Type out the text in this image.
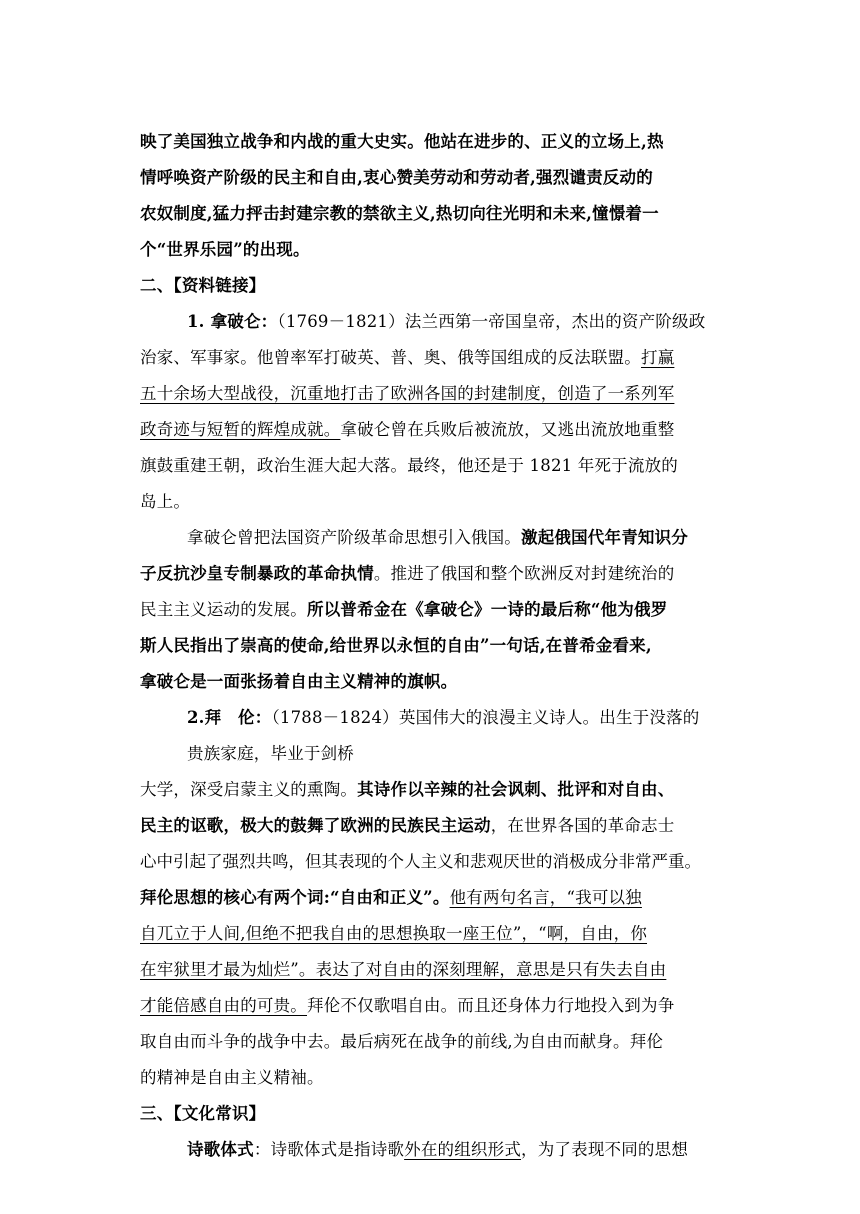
映了美国独立战争和内战的重大史实。他站在进步的、正义的立场上,热
情呼唤资产阶级的民主和自由,衷心赞美劳动和劳动者,强烈谴责反动的
农奴制度,猛力抨击封建宗教的禁欲主义,热切向往光明和未来,憧憬着一
个“世界乐园”的出现。
二、【资料链接】
1. 拿破仑：（1769－1821）法兰西第一帝国皇帝，杰出的资产阶级政
治家、军事家。他曾率军打破英、普、奥、俄等国组成的反法联盟。打赢
五十余场大型战役，沉重地打击了欧洲各国的封建制度，创造了一系列军
政奇迹与短暂的辉煌成就。拿破仑曾在兵败后被流放，又逃出流放地重整
旗鼓重建王朝，政治生涯大起大落。最终，他还是于 1821 年死于流放的
岛上。
拿破仑曾把法国资产阶级革命思想引入俄国。激起俄国代年青知识分
子反抗沙皇专制暴政的革命执情。推进了俄国和整个欧洲反对封建统治的
民主主义运动的发展。所以普希金在《拿破仑》一诗的最后称“他为俄罗
斯人民指出了崇高的使命,给世界以永恒的自由”一句话,在普希金看来,
拿破仑是一面张扬着自由主义精神的旗帜。
2.拜　伦：（1788－1824）英国伟大的浪漫主义诗人。出生于没落的
贵族家庭，毕业于剑桥
大学，深受启蒙主义的熏陶。其诗作以辛辣的社会讽刺、批评和对自由、
民主的讴歌，极大的鼓舞了欧洲的民族民主运动，在世界各国的革命志士
心中引起了强烈共鸣，但其表现的个人主义和悲观厌世的消极成分非常严重。
拜伦思想的核心有两个词:“自由和正义”。他有两句名言，“我可以独
自兀立于人间,但绝不把我自由的思想换取一座王位”，“啊，自由，你
在牢狱里才最为灿烂”。表达了对自由的深刻理解，意思是只有失去自由
才能倍感自由的可贵。拜伦不仅歌唱自由。而且还身体力行地投入到为争
取自由而斗争的战争中去。最后病死在战争的前线,为自由而献身。拜伦
的精神是自由主义精袖。
三、【文化常识】
诗歌体式：诗歌体式是指诗歌外在的组织形式，为了表现不同的思想
